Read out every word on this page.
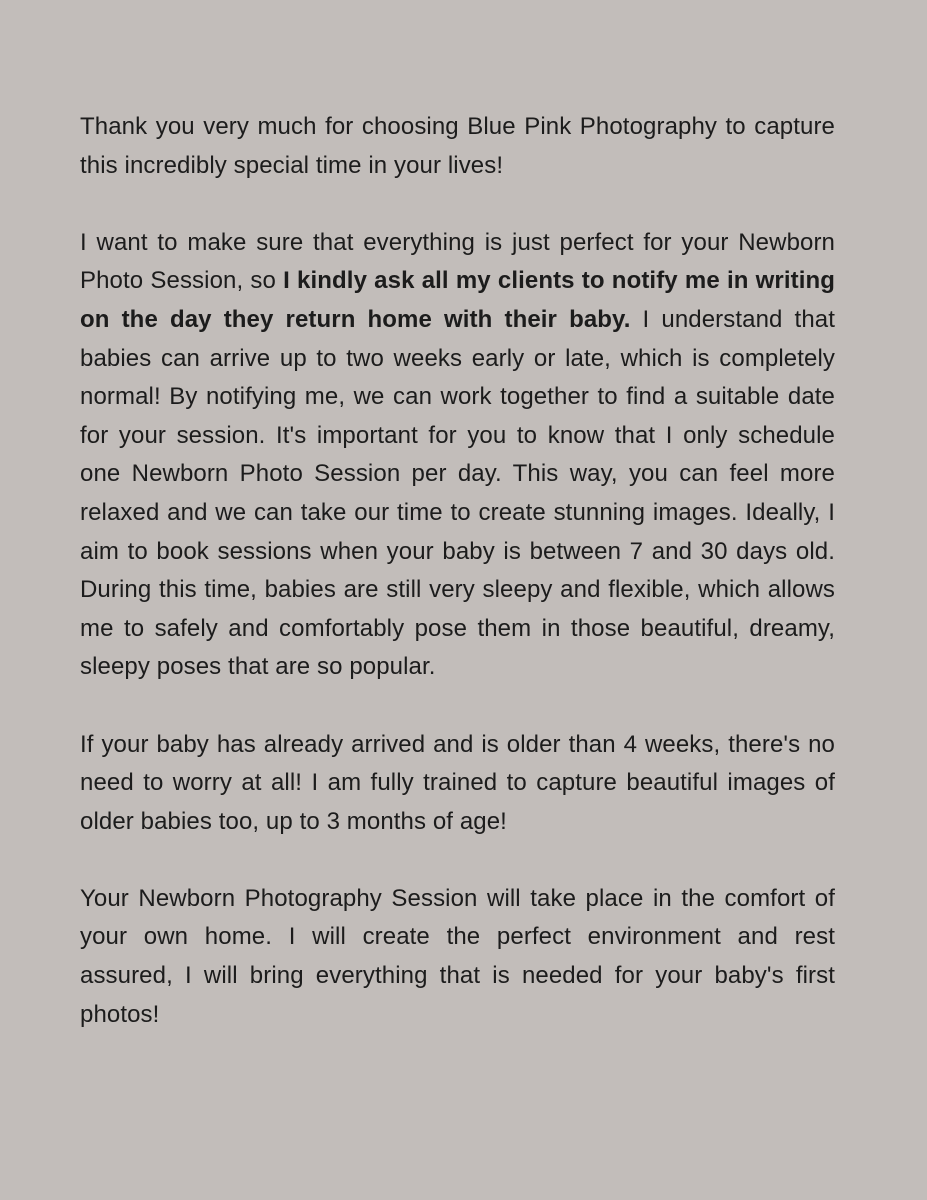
Thank you very much for choosing Blue Pink Photography to capture this incredibly special time in your lives!

I want to make sure that everything is just perfect for your Newborn Photo Session, so I kindly ask all my clients to notify me in writing on the day they return home with their baby. I understand that babies can arrive up to two weeks early or late, which is completely normal! By notifying me, we can work together to find a suitable date for your session. It's important for you to know that I only schedule one Newborn Photo Session per day. This way, you can feel more relaxed and we can take our time to create stunning images. Ideally, I aim to book sessions when your baby is between 7 and 30 days old. During this time, babies are still very sleepy and flexible, which allows me to safely and comfortably pose them in those beautiful, dreamy, sleepy poses that are so popular.

If your baby has already arrived and is older than 4 weeks, there's no need to worry at all! I am fully trained to capture beautiful images of older babies too, up to 3 months of age!

Your Newborn Photography Session will take place in the comfort of your own home. I will create the perfect environment and rest assured, I will bring everything that is needed for your baby's first photos!
